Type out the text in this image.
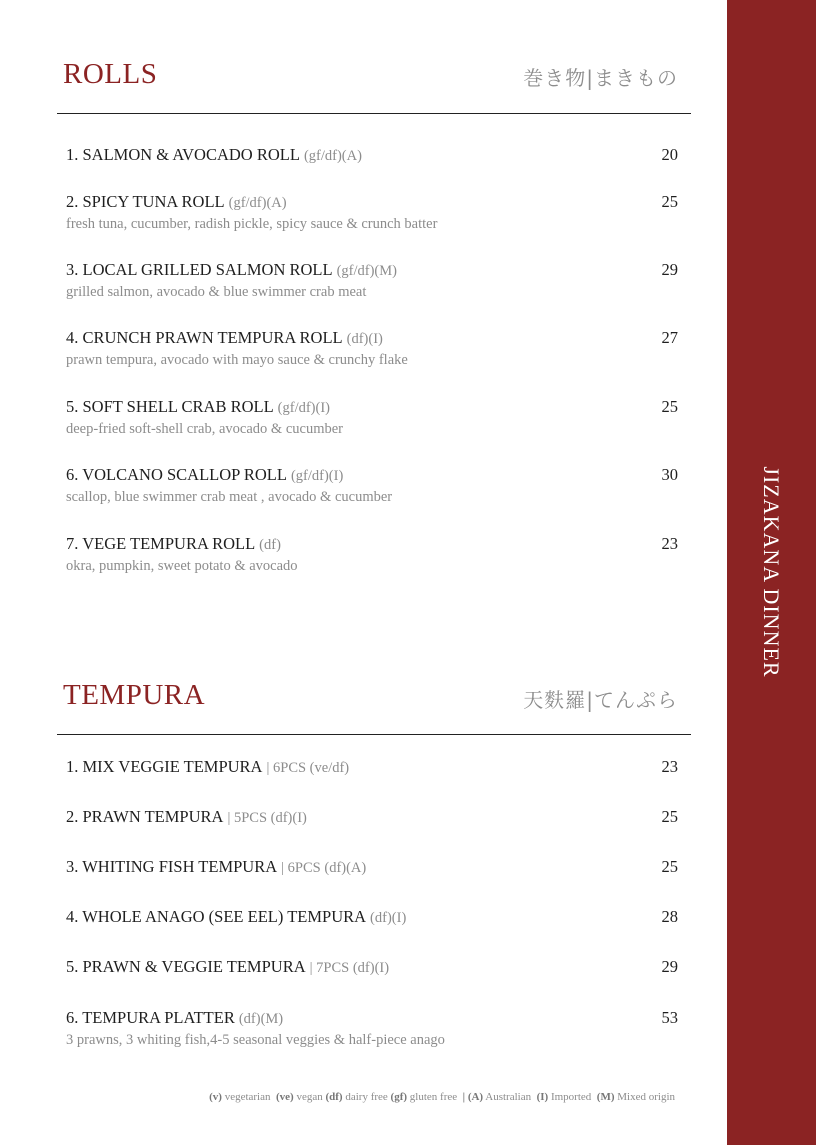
JIZAKANA DINNER
ROLLS	巻き物|まきもの
1. SALMON & AVOCADO ROLL (gf/df)(A)	20
2. SPICY TUNA ROLL (gf/df)(A)	25
fresh tuna, cucumber, radish pickle, spicy sauce & crunch batter
3. LOCAL GRILLED SALMON ROLL (gf/df)(M)	29
grilled salmon, avocado & blue swimmer crab meat
4. CRUNCH PRAWN TEMPURA ROLL (df)(I)	27
prawn tempura, avocado with mayo sauce & crunchy flake
5. SOFT SHELL CRAB ROLL (gf/df)(I)	25
deep-fried soft-shell crab, avocado & cucumber
6. VOLCANO SCALLOP ROLL (gf/df)(I)	30
scallop, blue swimmer crab meat , avocado & cucumber
7. VEGE TEMPURA ROLL (df)	23
okra, pumpkin, sweet potato & avocado
TEMPURA	天麩羅|てんぷら
1. MIX VEGGIE TEMPURA | 6PCS (ve/df)	23
2. PRAWN TEMPURA | 5PCS (df)(I)	25
3. WHITING FISH TEMPURA | 6PCS (df)(A)	25
4. WHOLE ANAGO (SEE EEL) TEMPURA (df)(I)	28
5. PRAWN & VEGGIE TEMPURA | 7PCS (df)(I)	29
6. TEMPURA PLATTER (df)(M)	53
3 prawns, 3 whiting fish,4-5 seasonal veggies & half-piece anago
(v) vegetarian (ve) vegan (df) dairy free (gf) gluten free | (A) Australian (I) Imported (M) Mixed origin
